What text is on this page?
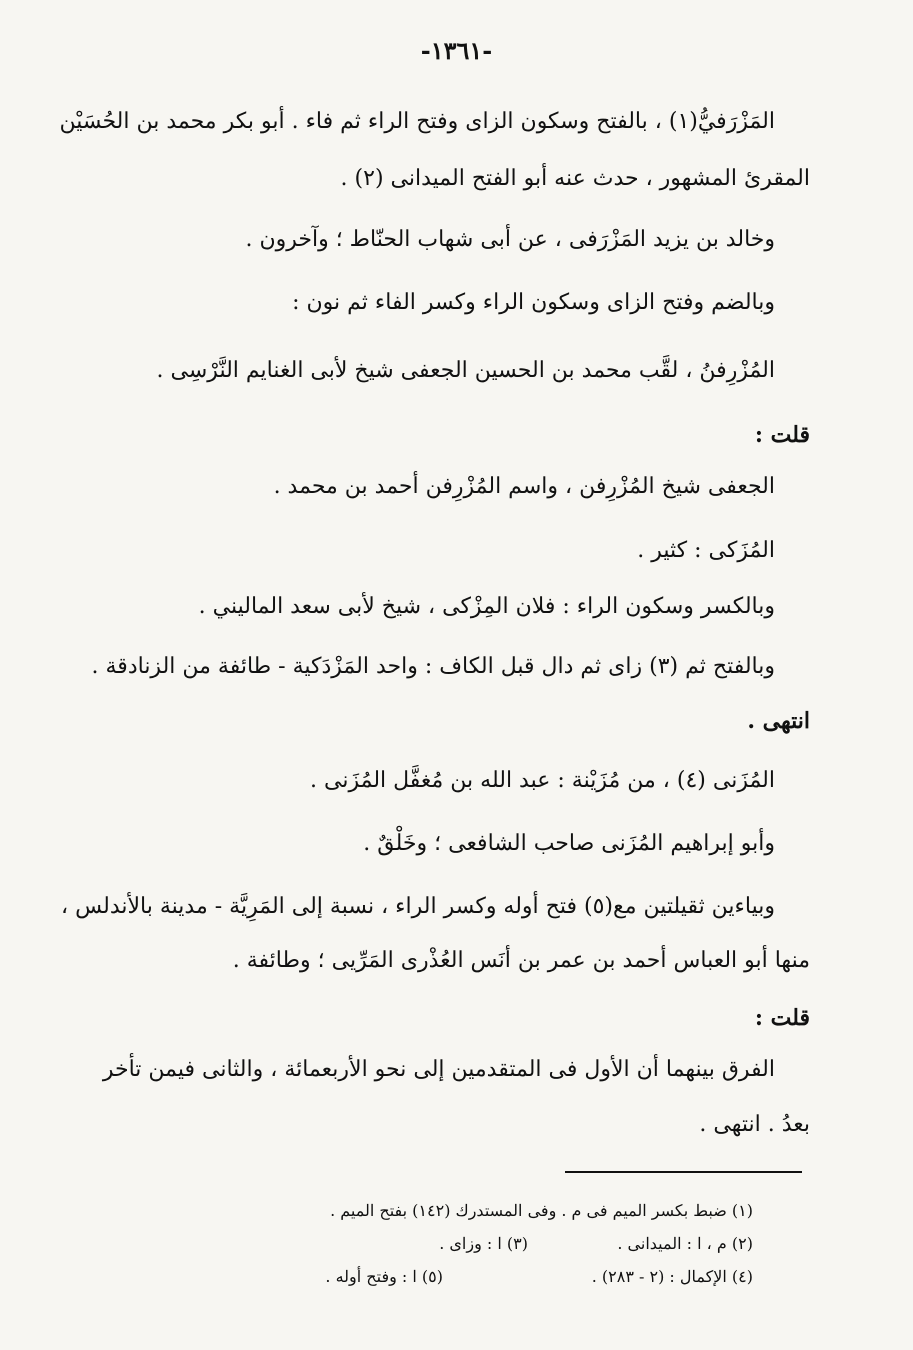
-١٣٦١-
المَزْرَفيُّ(١) ، بالفتح وسكون الزاى وفتح الراء ثم فاء . أبو بكر محمد بن الحُسَيْن
المقرئ المشهور ، حدث عنه أبو الفتح الميدانى (٢) .
وخالد بن يزيد المَزْرَفى ، عن أبى شهاب الحنّاط ؛ وآخرون .
وبالضم وفتح الزاى وسكون الراء وكسر الفاء ثم نون :
المُزْرِفنُ ، لقَّب محمد بن الحسين الجعفى شيخ لأبى الغنايم النَّرْسِى .
قلت :
الجعفى شيخ المُزْرِفن ، واسم المُزْرِفن أحمد بن محمد .
المُزَكى : كثير .
وبالكسر وسكون الراء : فلان المِزْكى ، شيخ لأبى سعد الماليني .
وبالفتح ثم (٣) زاى ثم دال قبل الكاف : واحد المَزْدَكية - طائفة من الزنادقة .
انتهى .
المُزَنى (٤) ، من مُزَيْنة : عبد الله بن مُغفَّل المُزَنى .
وأبو إبراهيم المُزَنى صاحب الشافعى ؛ وخَلْقٌ .
وبياءين ثقيلتين مع(٥) فتح أوله وكسر الراء ، نسبة إلى المَرِيَّة - مدينة بالأندلس ،
منها أبو العباس أحمد بن عمر بن أنَس العُذْرى المَرِّيى ؛ وطائفة .
قلت :
الفرق بينهما أن الأول فى المتقدمين إلى نحو الأربعمائة ، والثانى فيمن تأخر
بعدُ . انتهى .
(١) ضبط بكسر الميم فى م . وفى المستدرك (١٤٢) بفتح الميم .
(٢) م ، ا : الميدانى .
(٣) ا : وزاى .
(٤) الإكمال : (٢ - ٢٨٣) .
(٥) ا : وفتح أوله .
